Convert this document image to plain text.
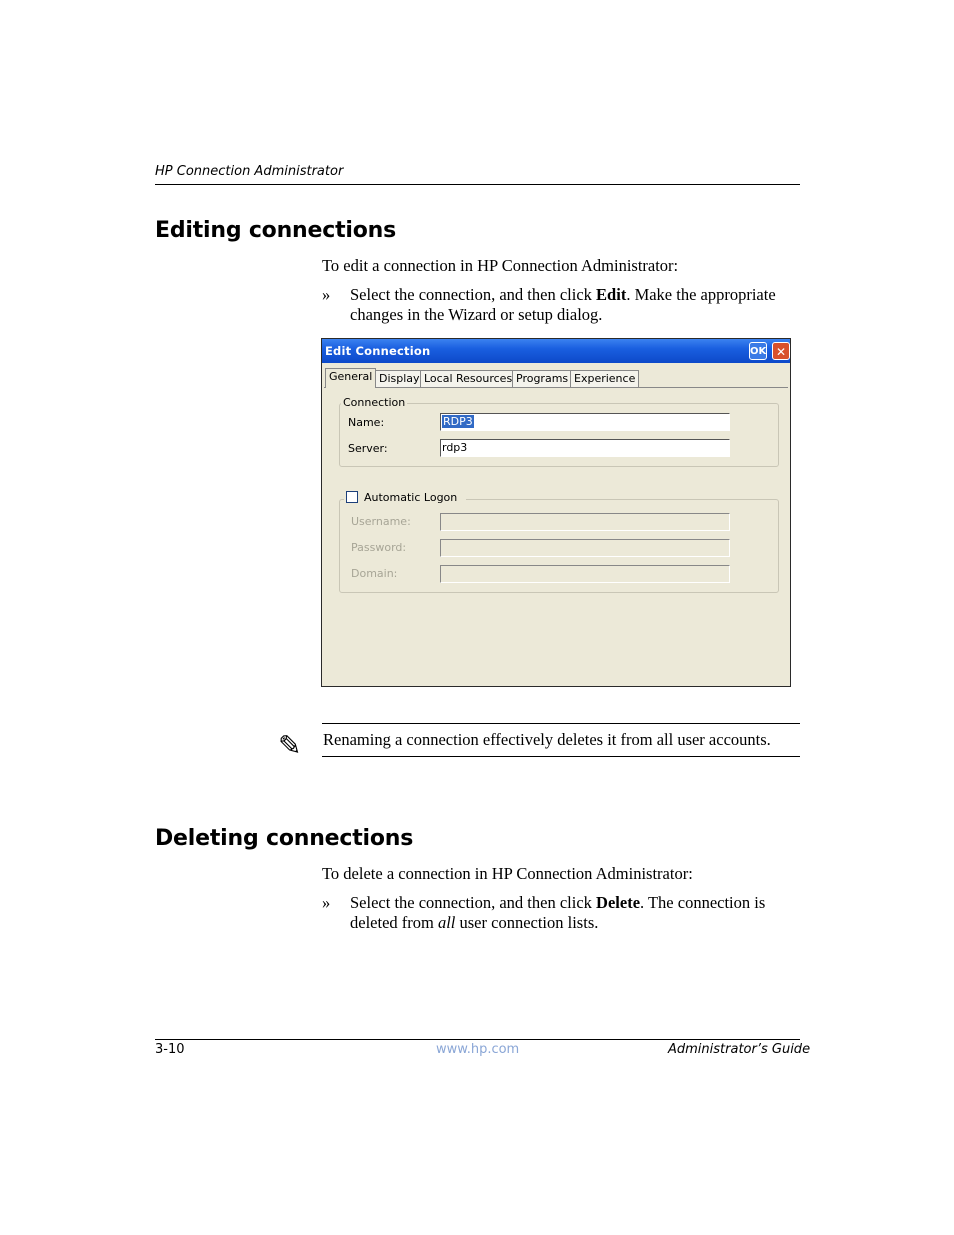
HP Connection Administrator
Editing connections
To edit a connection in HP Connection Administrator:
» Select the connection, and then click Edit. Make the appropriate changes in the Wizard or setup dialog.
Edit Connection	OK ✕
General Display Local Resources Programs Experience
Connection
Name:	RDP3
Server:	rdp3
Automatic Logon
Username:
Password:
Domain:
✎ Renaming a connection effectively deletes it from all user accounts.
Deleting connections
To delete a connection in HP Connection Administrator:
» Select the connection, and then click Delete. The connection is deleted from all user connection lists.
3-10	www.hp.com	Administrator’s Guide
